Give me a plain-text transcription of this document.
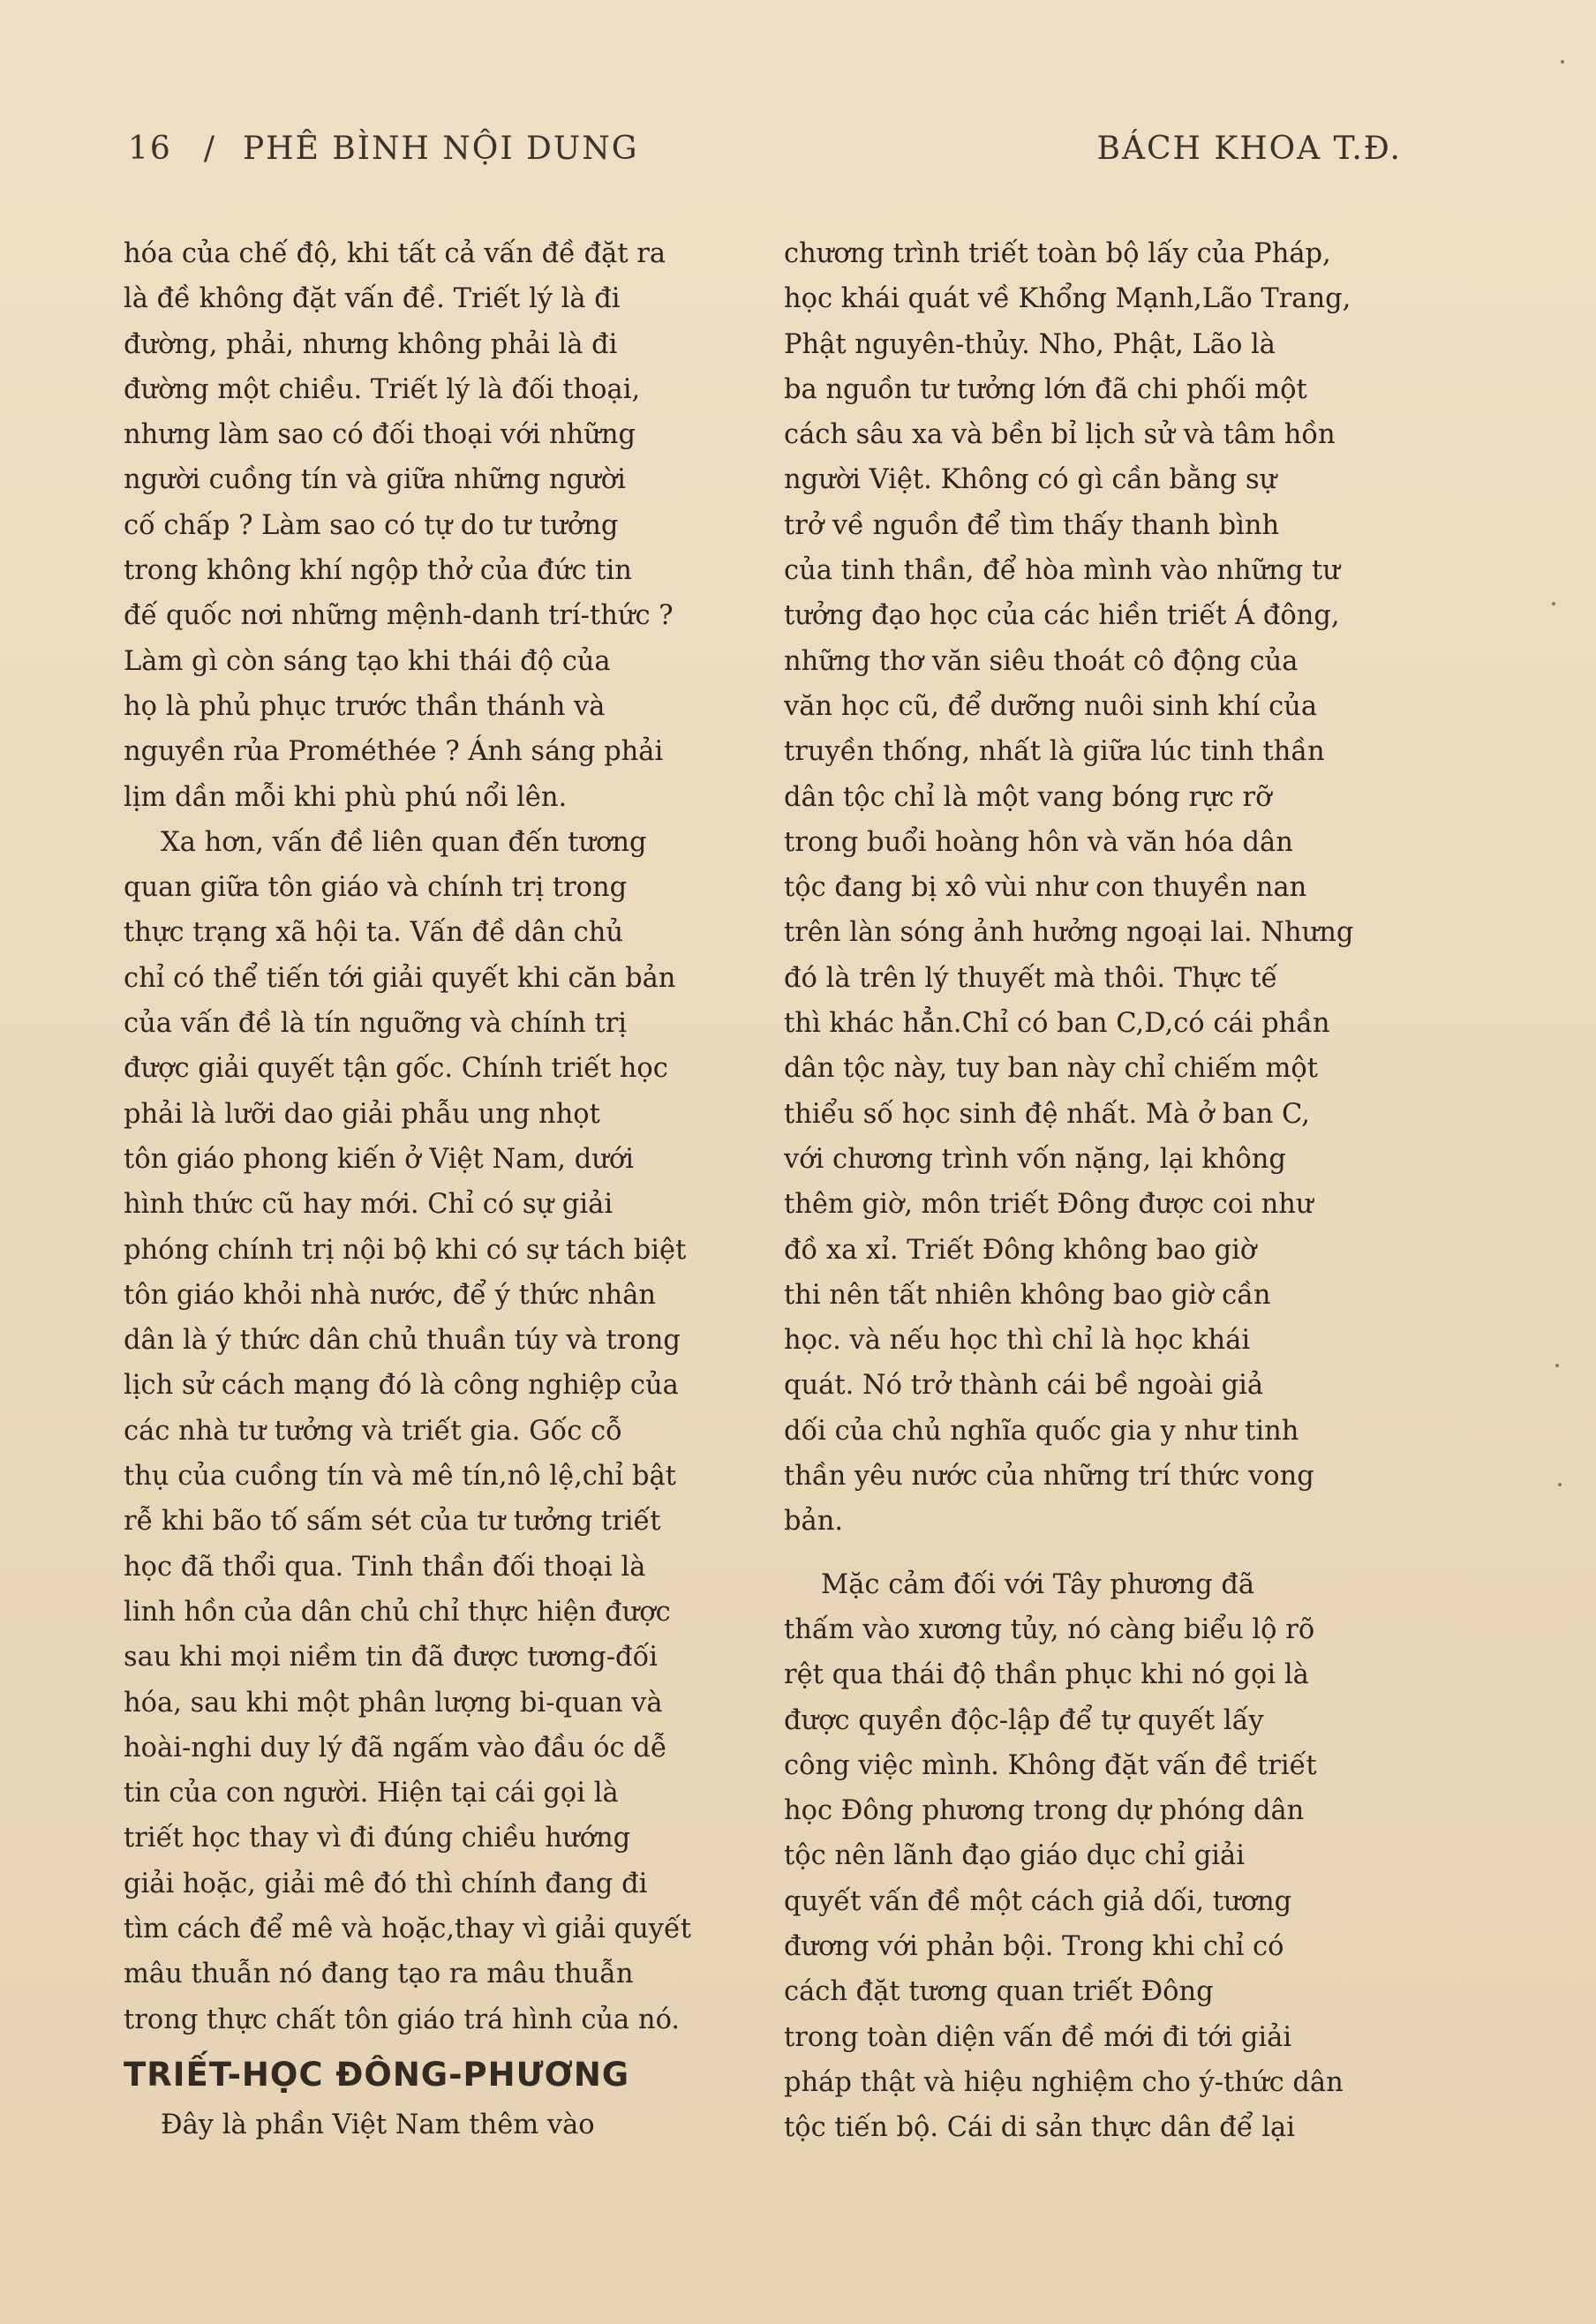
16 / PHÊ BÌNH NỘI DUNG	BÁCH KHOA T.Đ.
hóa của chế độ, khi tất cả vấn đề đặt ra
là đề không đặt vấn đề. Triết lý là đi
đường, phải, nhưng không phải là đi
đường một chiều. Triết lý là đối thoại,
nhưng làm sao có đối thoại với những
người cuồng tín và giữa những người
cố chấp ? Làm sao có tự do tư tưởng
trong không khí ngộp thở của đức tin
đế quốc nơi những mệnh-danh trí-thức ?
Làm gì còn sáng tạo khi thái độ của
họ là phủ phục trước thần thánh và
nguyền rủa Prométhée ? Ánh sáng phải
lịm dần mỗi khi phù phú nổi lên.
Xa hơn, vấn đề liên quan đến tương
quan giữa tôn giáo và chính trị trong
thực trạng xã hội ta. Vấn đề dân chủ
chỉ có thể tiến tới giải quyết khi căn bản
của vấn đề là tín nguỡng và chính trị
được giải quyết tận gốc. Chính triết học
phải là lưỡi dao giải phẫu ung nhọt
tôn giáo phong kiến ở Việt Nam, dưới
hình thức cũ hay mới. Chỉ có sự giải
phóng chính trị nội bộ khi có sự tách biệt
tôn giáo khỏi nhà nước, để ý thức nhân
dân là ý thức dân chủ thuần túy và trong
lịch sử cách mạng đó là công nghiệp của
các nhà tư tưởng và triết gia. Gốc cỗ
thụ của cuồng tín và mê tín,nô lệ,chỉ bật
rễ khi bão tố sấm sét của tư tưởng triết
học đã thổi qua. Tinh thần đối thoại là
linh hồn của dân chủ chỉ thực hiện được
sau khi mọi niềm tin đã được tương-đối
hóa, sau khi một phân lượng bi-quan và
hoài-nghi duy lý đã ngấm vào đầu óc dễ
tin của con người. Hiện tại cái gọi là
triết học thay vì đi đúng chiều hướng
giải hoặc, giải mê đó thì chính đang đi
tìm cách để mê và hoặc,thay vì giải quyết
mâu thuẫn nó đang tạo ra mâu thuẫn
trong thực chất tôn giáo trá hình của nó.
TRIẾT-HỌC ĐÔNG-PHƯƠNG
Đây là phần Việt Nam thêm vào
chương trình triết toàn bộ lấy của Pháp,
học khái quát về Khổng Mạnh,Lão Trang,
Phật nguyên-thủy. Nho, Phật, Lão là
ba nguồn tư tưởng lớn đã chi phối một
cách sâu xa và bền bỉ lịch sử và tâm hồn
người Việt. Không có gì cần bằng sự
trở về nguồn để tìm thấy thanh bình
của tinh thần, để hòa mình vào những tư
tưởng đạo học của các hiền triết Á đông,
những thơ văn siêu thoát cô động của
văn học cũ, để dưỡng nuôi sinh khí của
truyền thống, nhất là giữa lúc tinh thần
dân tộc chỉ là một vang bóng rực rỡ
trong buổi hoàng hôn và văn hóa dân
tộc đang bị xô vùi như con thuyền nan
trên làn sóng ảnh hưởng ngoại lai. Nhưng
đó là trên lý thuyết mà thôi. Thực tế
thì khác hẳn.Chỉ có ban C,D,có cái phần
dân tộc này, tuy ban này chỉ chiếm một
thiểu số học sinh đệ nhất. Mà ở ban C,
với chương trình vốn nặng, lại không
thêm giờ, môn triết Đông được coi như
đồ xa xỉ. Triết Đông không bao giờ
thi nên tất nhiên không bao giờ cần
học. và nếu học thì chỉ là học khái
quát. Nó trở thành cái bề ngoài giả
dối của chủ nghĩa quốc gia y như tinh
thần yêu nước của những trí thức vong
bản.
Mặc cảm đối với Tây phương đã
thấm vào xương tủy, nó càng biểu lộ rõ
rệt qua thái độ thần phục khi nó gọi là
được quyền độc-lập để tự quyết lấy
công việc mình. Không đặt vấn đề triết
học Đông phương trong dự phóng dân
tộc nên lãnh đạo giáo dục chỉ giải
quyết vấn đề một cách giả dối, tương
đương với phản bội. Trong khi chỉ có
cách đặt tương quan triết Đông
trong toàn diện vấn đề mới đi tới giải
pháp thật và hiệu nghiệm cho ý-thức dân
tộc tiến bộ. Cái di sản thực dân để lại
